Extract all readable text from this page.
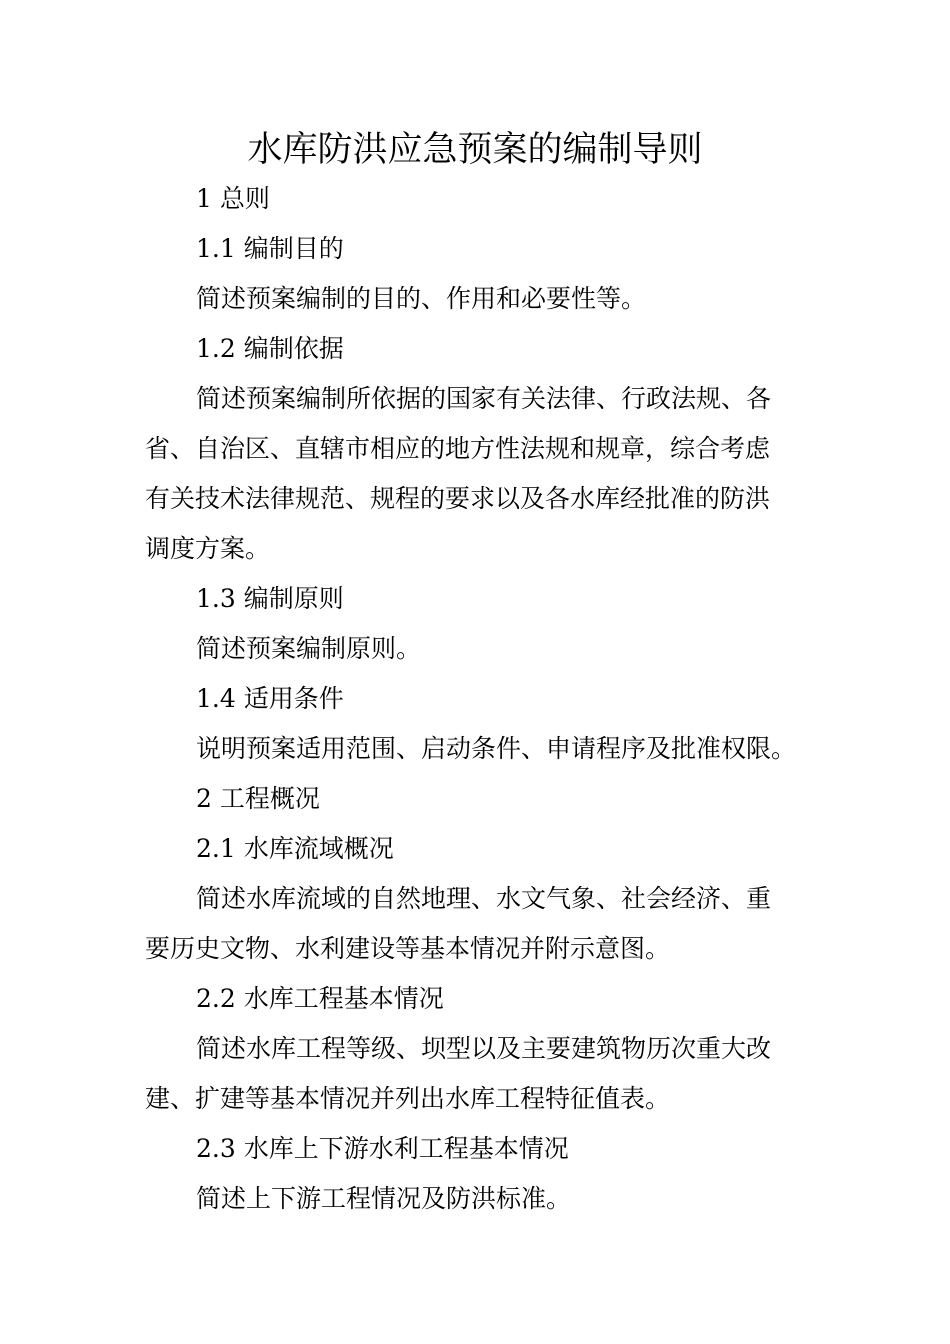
水库防洪应急预案的编制导则
1 总则
1.1 编制目的
简述预案编制的目的、作用和必要性等。
1.2 编制依据
简述预案编制所依据的国家有关法律、行政法规、各
省、自治区、直辖市相应的地方性法规和规章，综合考虑
有关技术法律规范、规程的要求以及各水库经批准的防洪
调度方案。
1.3 编制原则
简述预案编制原则。
1.4 适用条件
说明预案适用范围、启动条件、申请程序及批准权限。
2 工程概况
2.1 水库流域概况
简述水库流域的自然地理、水文气象、社会经济、重
要历史文物、水利建设等基本情况并附示意图。
2.2 水库工程基本情况
简述水库工程等级、坝型以及主要建筑物历次重大改
建、扩建等基本情况并列出水库工程特征值表。
2.3 水库上下游水利工程基本情况
简述上下游工程情况及防洪标准。
